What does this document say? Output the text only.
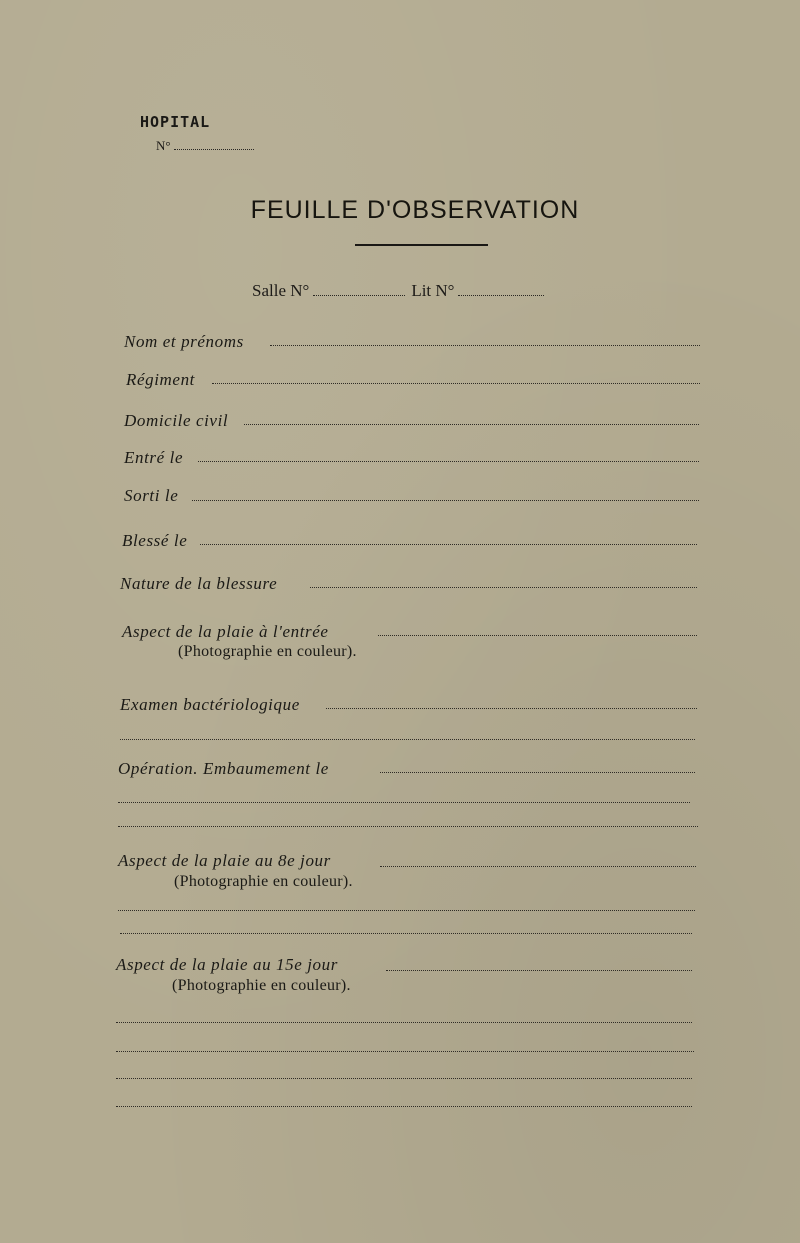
HOPITAL
N°
FEUILLE D'OBSERVATION
Salle N°	Lit N°
Nom et prénoms
Régiment
Domicile civil
Entré le
Sorti le
Blessé le
Nature de la blessure
Aspect de la plaie à l'entrée
(Photographie en couleur).
Examen bactériologique
Opération. Embaumement le
Aspect de la plaie au 8e jour
(Photographie en couleur).
Aspect de la plaie au 15e jour
(Photographie en couleur).
